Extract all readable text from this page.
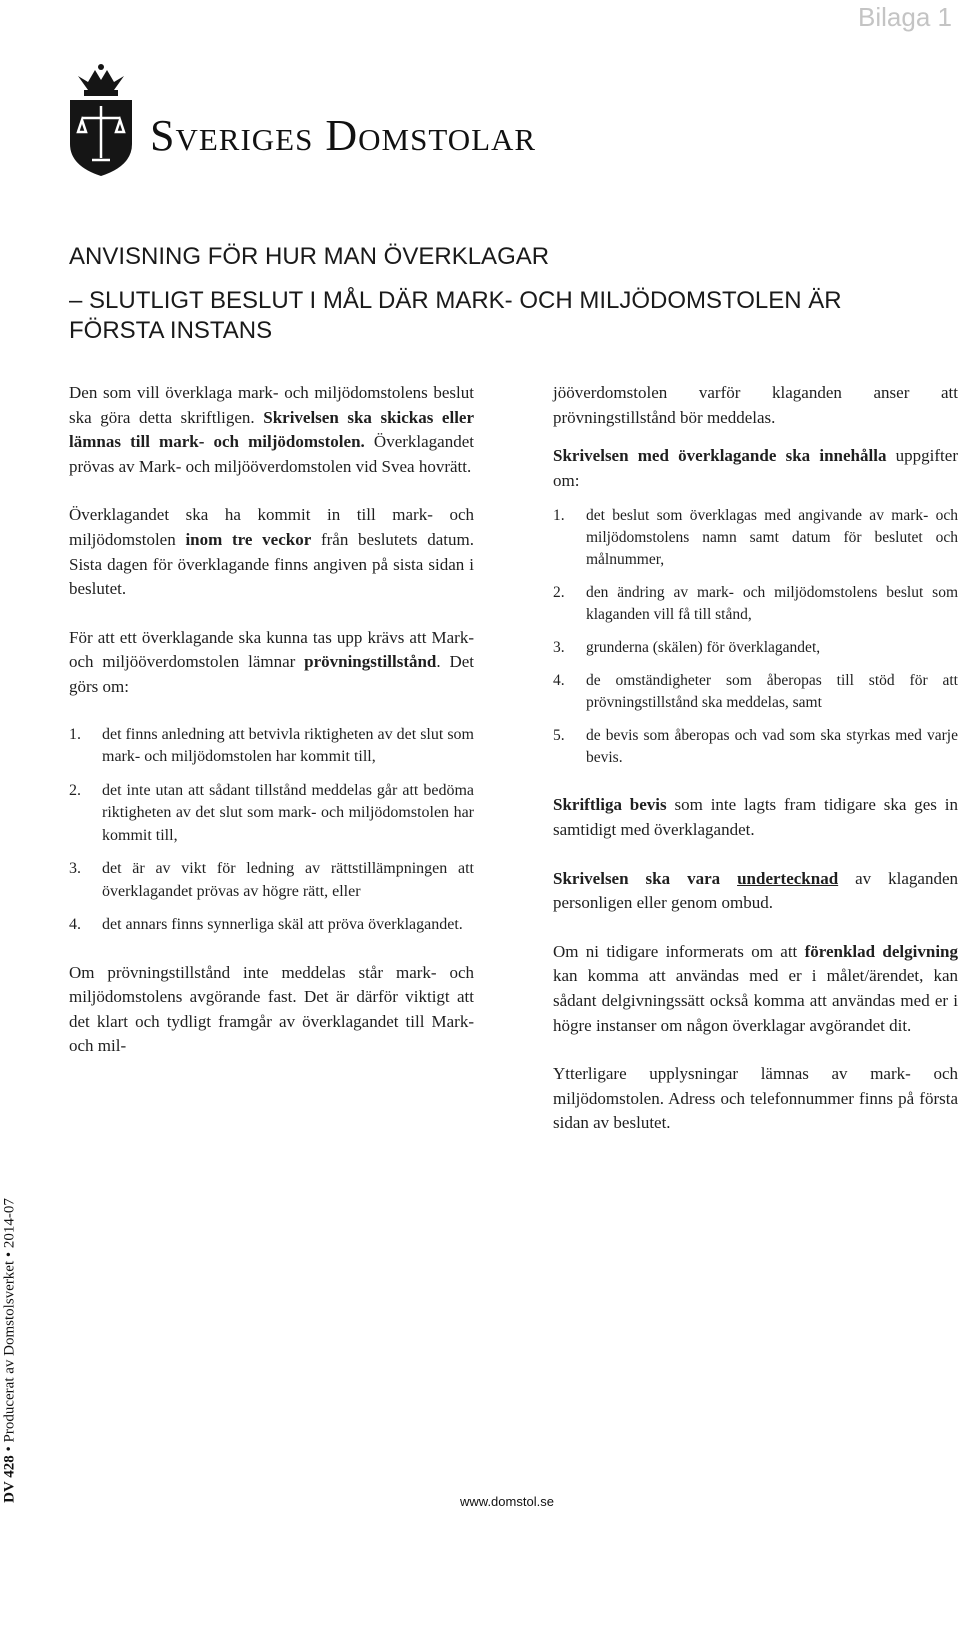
Bilaga 1
Sveriges Domstolar
ANVISNING FÖR HUR MAN ÖVERKLAGAR
– SLUTLIGT BESLUT I MÅL DÄR MARK- OCH MILJÖDOMSTOLEN ÄR FÖRSTA INSTANS

Den som vill överklaga mark- och miljödomstolens beslut ska göra detta skriftligen. Skrivelsen ska skickas eller lämnas till mark- och miljödomstolen. Överklagandet prövas av Mark- och miljööverdomstolen vid Svea hovrätt.

Överklagandet ska ha kommit in till mark- och miljödomstolen inom tre veckor från beslutets datum. Sista dagen för överklagande finns angiven på sista sidan i beslutet.

För att ett överklagande ska kunna tas upp krävs att Mark- och miljööverdomstolen lämnar prövningstillstånd. Det görs om:

1. det finns anledning att betvivla riktigheten av det slut som mark- och miljödomstolen har kommit till,
2. det inte utan att sådant tillstånd meddelas går att bedöma riktigheten av det slut som mark- och miljödomstolen har kommit till,
3. det är av vikt för ledning av rättstillämpningen att överklagandet prövas av högre rätt, eller
4. det annars finns synnerliga skäl att pröva överklagandet.

Om prövningstillstånd inte meddelas står mark- och miljödomstolens avgörande fast. Det är därför viktigt att det klart och tydligt framgår av överklagandet till Mark- och mil-

jööverdomstolen varför klaganden anser att prövningstillstånd bör meddelas.

Skrivelsen med överklagande ska innehålla uppgifter om:

1. det beslut som överklagas med angivande av mark- och miljödomstolens namn samt datum för beslutet och målnummer,
2. den ändring av mark- och miljödomstolens beslut som klaganden vill få till stånd,
3. grunderna (skälen) för överklagandet,
4. de omständigheter som åberopas till stöd för att prövningstillstånd ska meddelas, samt
5. de bevis som åberopas och vad som ska styrkas med varje bevis.

Skriftliga bevis som inte lagts fram tidigare ska ges in samtidigt med överklagandet.

Skrivelsen ska vara undertecknad av klaganden personligen eller genom ombud.

Om ni tidigare informerats om att förenklad delgivning kan komma att användas med er i målet/ärendet, kan sådant delgivningssätt också komma att användas med er i högre instanser om någon överklagar avgörandet dit.

Ytterligare upplysningar lämnas av mark- och miljödomstolen. Adress och telefonnummer finns på första sidan av beslutet.

DV 428 • Producerat av Domstolsverket • 2014-07
www.domstol.se
